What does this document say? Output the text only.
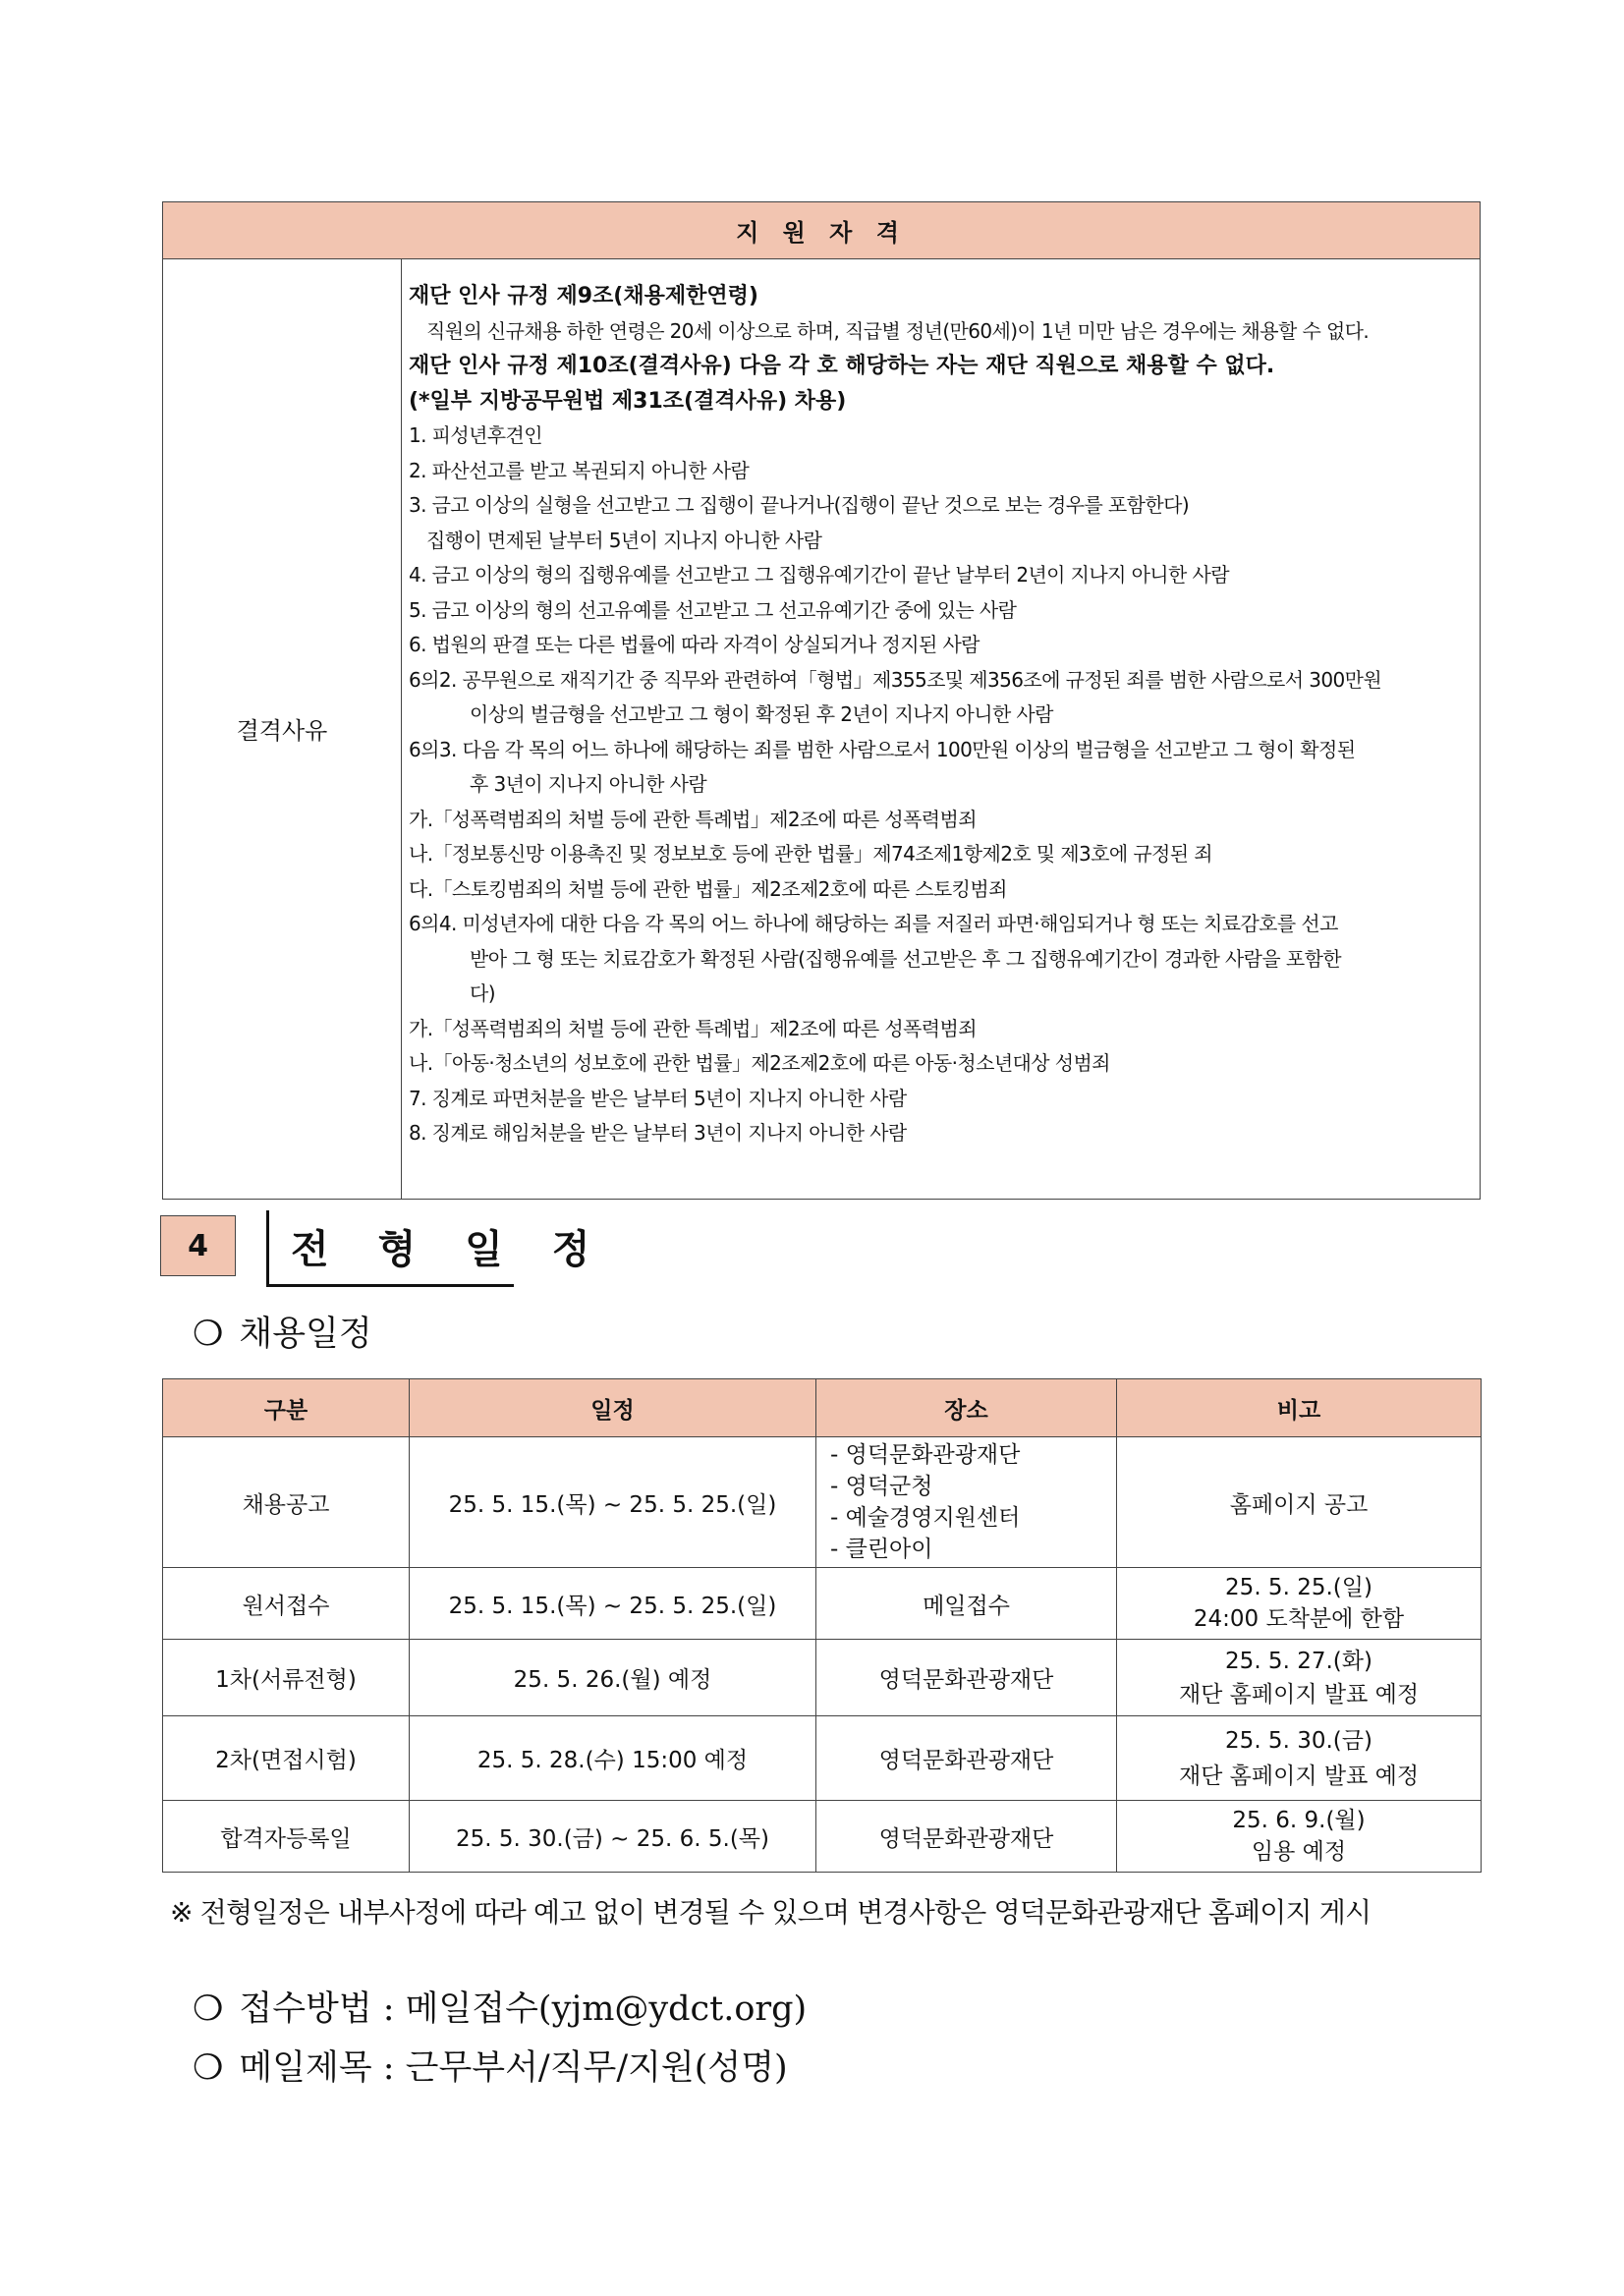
지 원 자 격
결격사유
재단 인사 규정 제9조(채용제한연령)
직원의 신규채용 하한 연령은 20세 이상으로 하며, 직급별 정년(만60세)이 1년 미만 남은 경우에는 채용할 수 없다.
재단 인사 규정 제10조(결격사유) 다음 각 호 해당하는 자는 재단 직원으로 채용할 수 없다.
(*일부 지방공무원법 제31조(결격사유) 차용)
1. 피성년후견인
2. 파산선고를 받고 복권되지 아니한 사람
3. 금고 이상의 실형을 선고받고 그 집행이 끝나거나(집행이 끝난 것으로 보는 경우를 포함한다)
집행이 면제된 날부터 5년이 지나지 아니한 사람
4. 금고 이상의 형의 집행유예를 선고받고 그 집행유예기간이 끝난 날부터 2년이 지나지 아니한 사람
5. 금고 이상의 형의 선고유예를 선고받고 그 선고유예기간 중에 있는 사람
6. 법원의 판결 또는 다른 법률에 따라 자격이 상실되거나 정지된 사람
6의2. 공무원으로 재직기간 중 직무와 관련하여「형법」제355조및 제356조에 규정된 죄를 범한 사람으로서 300만원
이상의 벌금형을 선고받고 그 형이 확정된 후 2년이 지나지 아니한 사람
6의3. 다음 각 목의 어느 하나에 해당하는 죄를 범한 사람으로서 100만원 이상의 벌금형을 선고받고 그 형이 확정된
후 3년이 지나지 아니한 사람
가.「성폭력범죄의 처벌 등에 관한 특례법」제2조에 따른 성폭력범죄
나.「정보통신망 이용촉진 및 정보보호 등에 관한 법률」제74조제1항제2호 및 제3호에 규정된 죄
다.「스토킹범죄의 처벌 등에 관한 법률」제2조제2호에 따른 스토킹범죄
6의4. 미성년자에 대한 다음 각 목의 어느 하나에 해당하는 죄를 저질러 파면·해임되거나 형 또는 치료감호를 선고
받아 그 형 또는 치료감호가 확정된 사람(집행유예를 선고받은 후 그 집행유예기간이 경과한 사람을 포함한
다)
가.「성폭력범죄의 처벌 등에 관한 특례법」제2조에 따른 성폭력범죄
나.「아동·청소년의 성보호에 관한 법률」제2조제2호에 따른 아동·청소년대상 성범죄
7. 징계로 파면처분을 받은 날부터 5년이 지나지 아니한 사람
8. 징계로 해임처분을 받은 날부터 3년이 지나지 아니한 사람
4	전 형 일 정
❍ 채용일정
구분	일정	장소	비고
채용공고	25. 5. 15.(목) ~ 25. 5. 25.(일)	- 영덕문화관광재단
- 영덕군청
- 예술경영지원센터
- 클린아이	홈페이지 공고

원서접수	25. 5. 15.(목) ~ 25. 5. 25.(일)	메일접수	25. 5. 25.(일)
24:00 도착분에 한함

1차(서류전형)	25. 5. 26.(월) 예정	영덕문화관광재단	25. 5. 27.(화)
재단 홈페이지 발표 예정

2차(면접시험)	25. 5. 28.(수) 15:00 예정	영덕문화관광재단	25. 5. 30.(금)
재단 홈페이지 발표 예정

합격자등록일	25. 5. 30.(금) ~ 25. 6. 5.(목)	영덕문화관광재단	25. 6. 9.(월)
임용 예정
※ 전형일정은 내부사정에 따라 예고 없이 변경될 수 있으며 변경사항은 영덕문화관광재단 홈페이지 게시
❍ 접수방법 : 메일접수(yjm@ydct.org)
❍ 메일제목 : 근무부서/직무/지원(성명)
